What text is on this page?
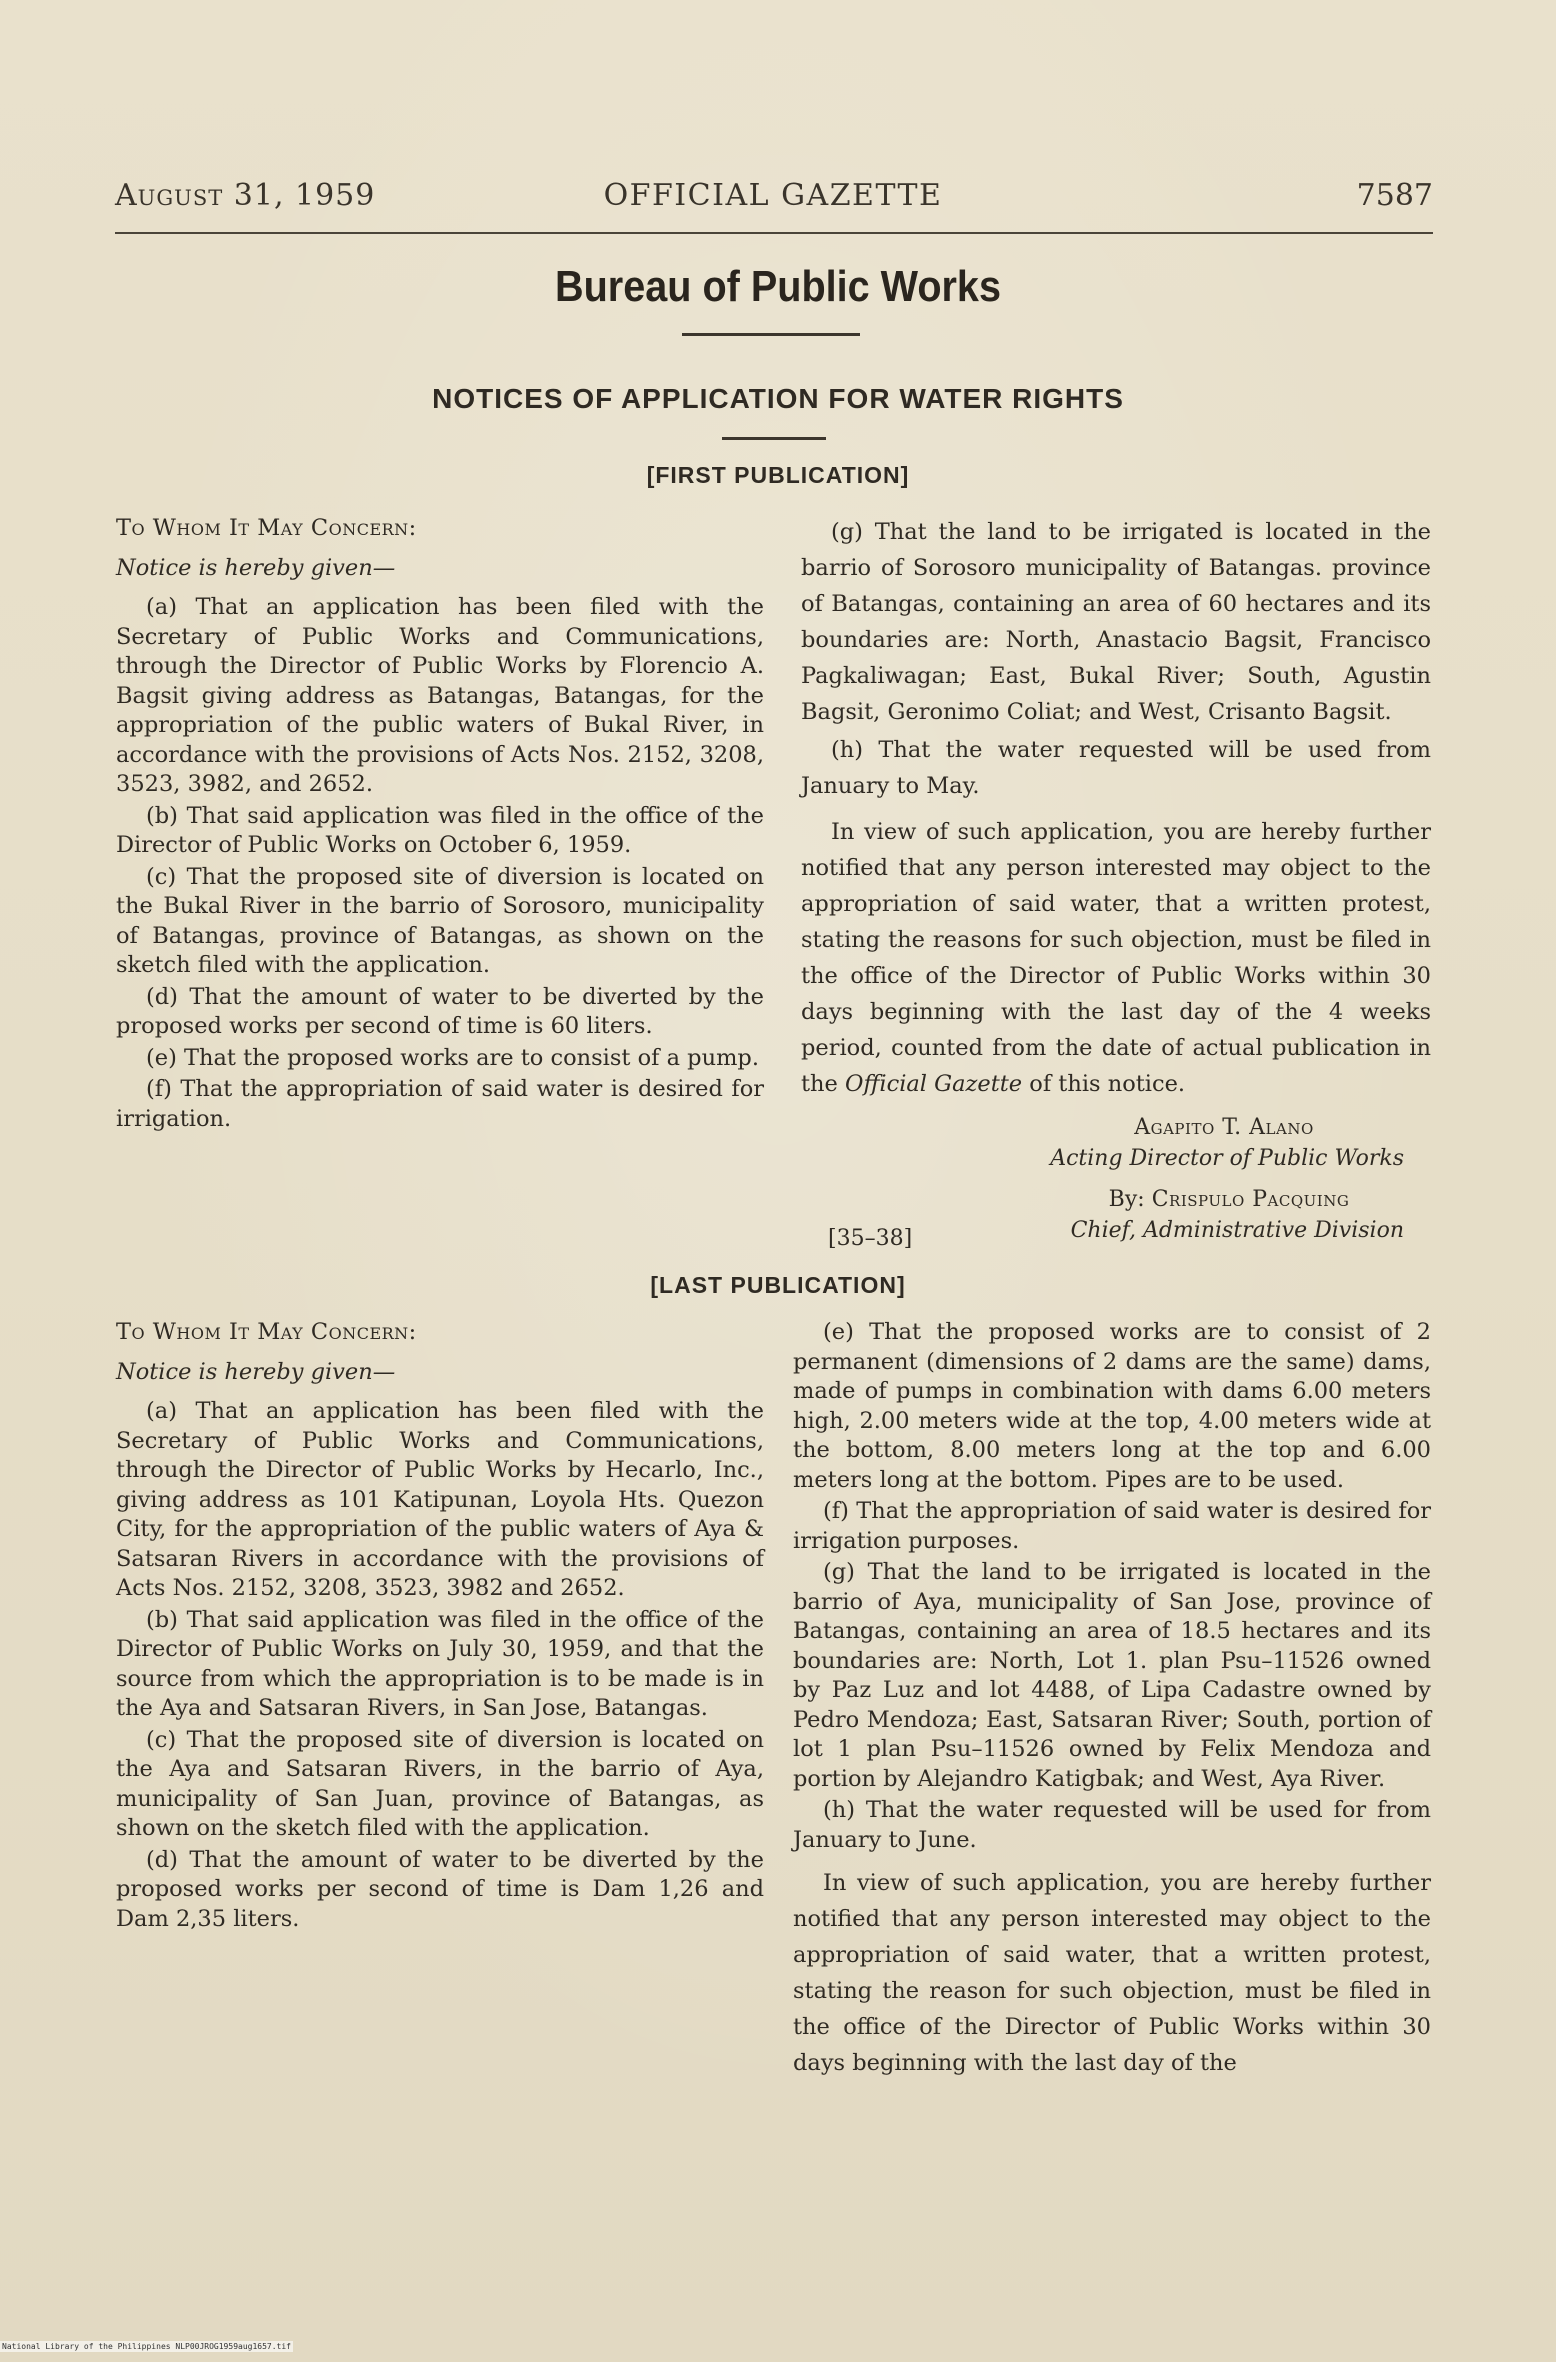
August 31, 1959	OFFICIAL GAZETTE	7587
Bureau of Public Works
NOTICES OF APPLICATION FOR WATER RIGHTS
[FIRST PUBLICATION]

To Whom It May Concern:

Notice is hereby given—

(a) That an application has been filed with the Secretary of Public Works and Communications, through the Director of Public Works by Florencio A. Bagsit giving address as Batangas, Batangas, for the appropriation of the public waters of Bukal River, in accordance with the provisions of Acts Nos. 2152, 3208, 3523, 3982, and 2652.

(b) That said application was filed in the office of the Director of Public Works on October 6, 1959.

(c) That the proposed site of diversion is located on the Bukal River in the barrio of Sorosoro, municipality of Batangas, province of Batangas, as shown on the sketch filed with the application.

(d) That the amount of water to be diverted by the proposed works per second of time is 60 liters.

(e) That the proposed works are to consist of a pump.

(f) That the appropriation of said water is desired for irrigation.

(g) That the land to be irrigated is located in the barrio of Sorosoro municipality of Batangas. province of Batangas, containing an area of 60 hectares and its boundaries are: North, Anastacio Bagsit, Francisco Pagkaliwagan; East, Bukal River; South, Agustin Bagsit, Geronimo Coliat; and West, Crisanto Bagsit.

(h) That the water requested will be used from January to May.

In view of such application, you are hereby further notified that any person interested may object to the appropriation of said water, that a written protest, stating the reasons for such objection, must be filed in the office of the Director of Public Works within 30 days beginning with the last day of the 4 weeks period, counted from the date of actual publication in the Official Gazette of this notice.

Agapito T. Alano
Acting Director of Public Works
By: Crispulo Pacquing
Chief, Administrative Division
[35–38]
[LAST PUBLICATION]

To Whom It May Concern:

Notice is hereby given—

(a) That an application has been filed with the Secretary of Public Works and Communications, through the Director of Public Works by Hecarlo, Inc., giving address as 101 Katipunan, Loyola Hts. Quezon City, for the appropriation of the public waters of Aya & Satsaran Rivers in accordance with the provisions of Acts Nos. 2152, 3208, 3523, 3982 and 2652.

(b) That said application was filed in the office of the Director of Public Works on July 30, 1959, and that the source from which the appropriation is to be made is in the Aya and Satsaran Rivers, in San Jose, Batangas.

(c) That the proposed site of diversion is located on the Aya and Satsaran Rivers, in the barrio of Aya, municipality of San Juan, province of Batangas, as shown on the sketch filed with the application.

(d) That the amount of water to be diverted by the proposed works per second of time is Dam 1,26 and Dam 2,35 liters.

(e) That the proposed works are to consist of 2 permanent (dimensions of 2 dams are the same) dams, made of pumps in combination with dams 6.00 meters high, 2.00 meters wide at the top, 4.00 meters wide at the bottom, 8.00 meters long at the top and 6.00 meters long at the bottom. Pipes are to be used.

(f) That the appropriation of said water is desired for irrigation purposes.

(g) That the land to be irrigated is located in the barrio of Aya, municipality of San Jose, province of Batangas, containing an area of 18.5 hectares and its boundaries are: North, Lot 1. plan Psu–11526 owned by Paz Luz and lot 4488, of Lipa Cadastre owned by Pedro Mendoza; East, Satsaran River; South, portion of lot 1 plan Psu–11526 owned by Felix Mendoza and portion by Alejandro Katigbak; and West, Aya River.

(h) That the water requested will be used for from January to June.

In view of such application, you are hereby further notified that any person interested may object to the appropriation of said water, that a written protest, stating the reason for such objection, must be filed in the office of the Director of Public Works within 30 days beginning with the last day of the

National Library of the Philippines NLP00JROG1959aug1657.tif
